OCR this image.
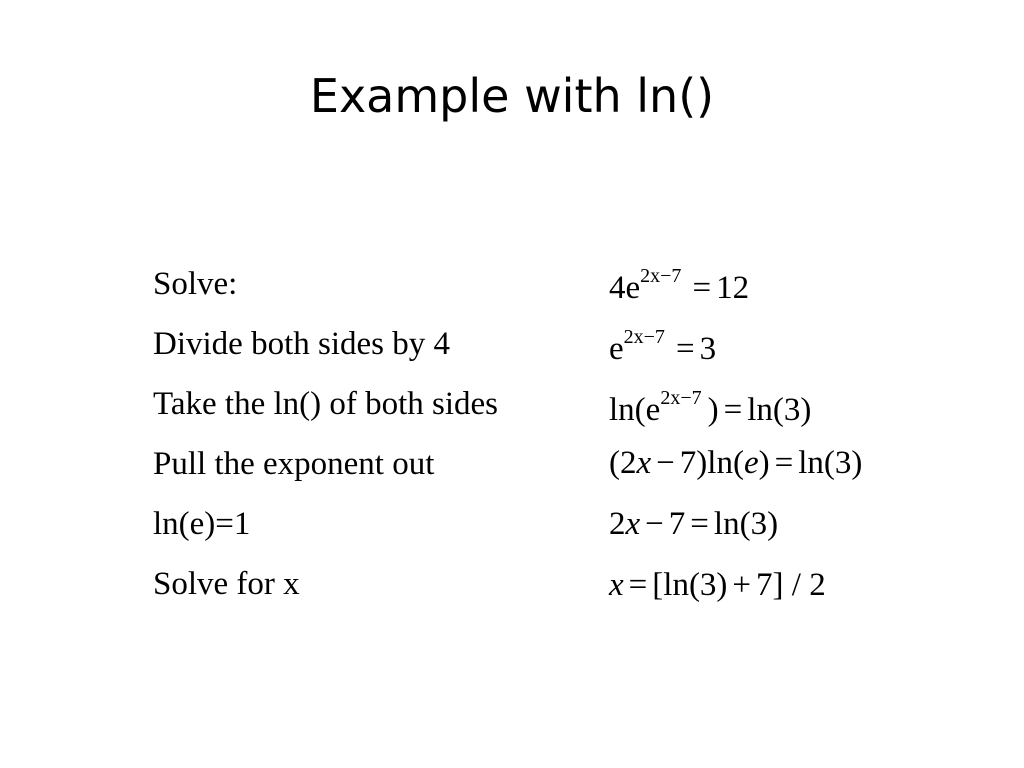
Example with ln()
Solve:
Divide both sides by 4
Take the ln() of both sides
Pull the exponent out
ln(e)=1
Solve for x
$4e^{2x-7} = 12$
$e^{2x-7} = 3$
$\ln(e^{2x-7}$ ) = ln(3)
(2x − 7)ln(e) = ln(3)
2x − 7 = ln(3)
x = [ln(3) + 7] / 2
